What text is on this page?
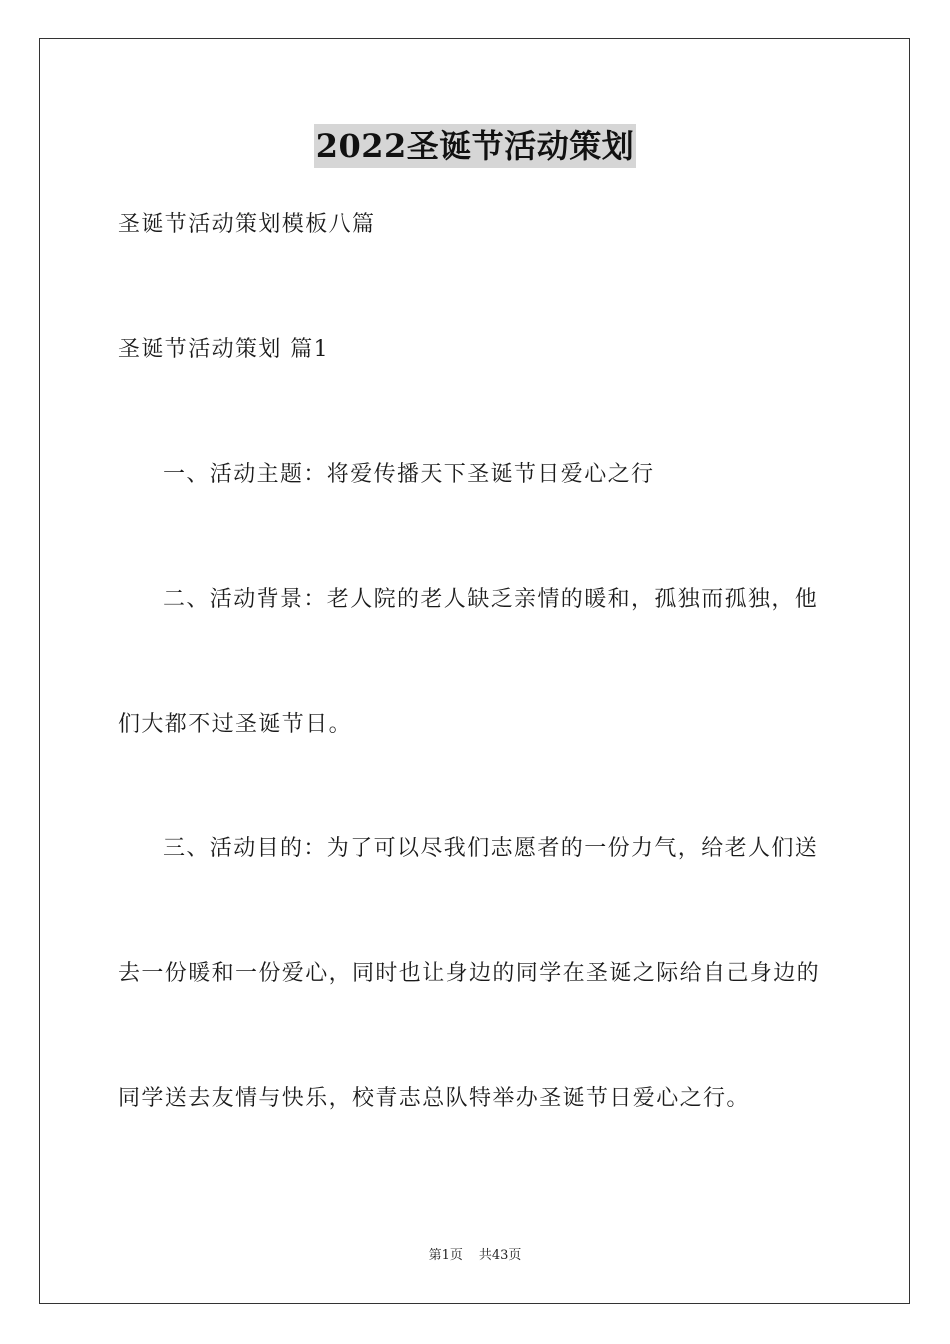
2022圣诞节活动策划
圣诞节活动策划模板八篇
圣诞节活动策划 篇1
一、活动主题：将爱传播天下圣诞节日爱心之行
二、活动背景：老人院的老人缺乏亲情的暖和，孤独而孤独，他
们大都不过圣诞节日。
三、活动目的：为了可以尽我们志愿者的一份力气，给老人们送
去一份暖和一份爱心，同时也让身边的同学在圣诞之际给自己身边的
同学送去友情与快乐，校青志总队特举办圣诞节日爱心之行。
第1页 共43页
